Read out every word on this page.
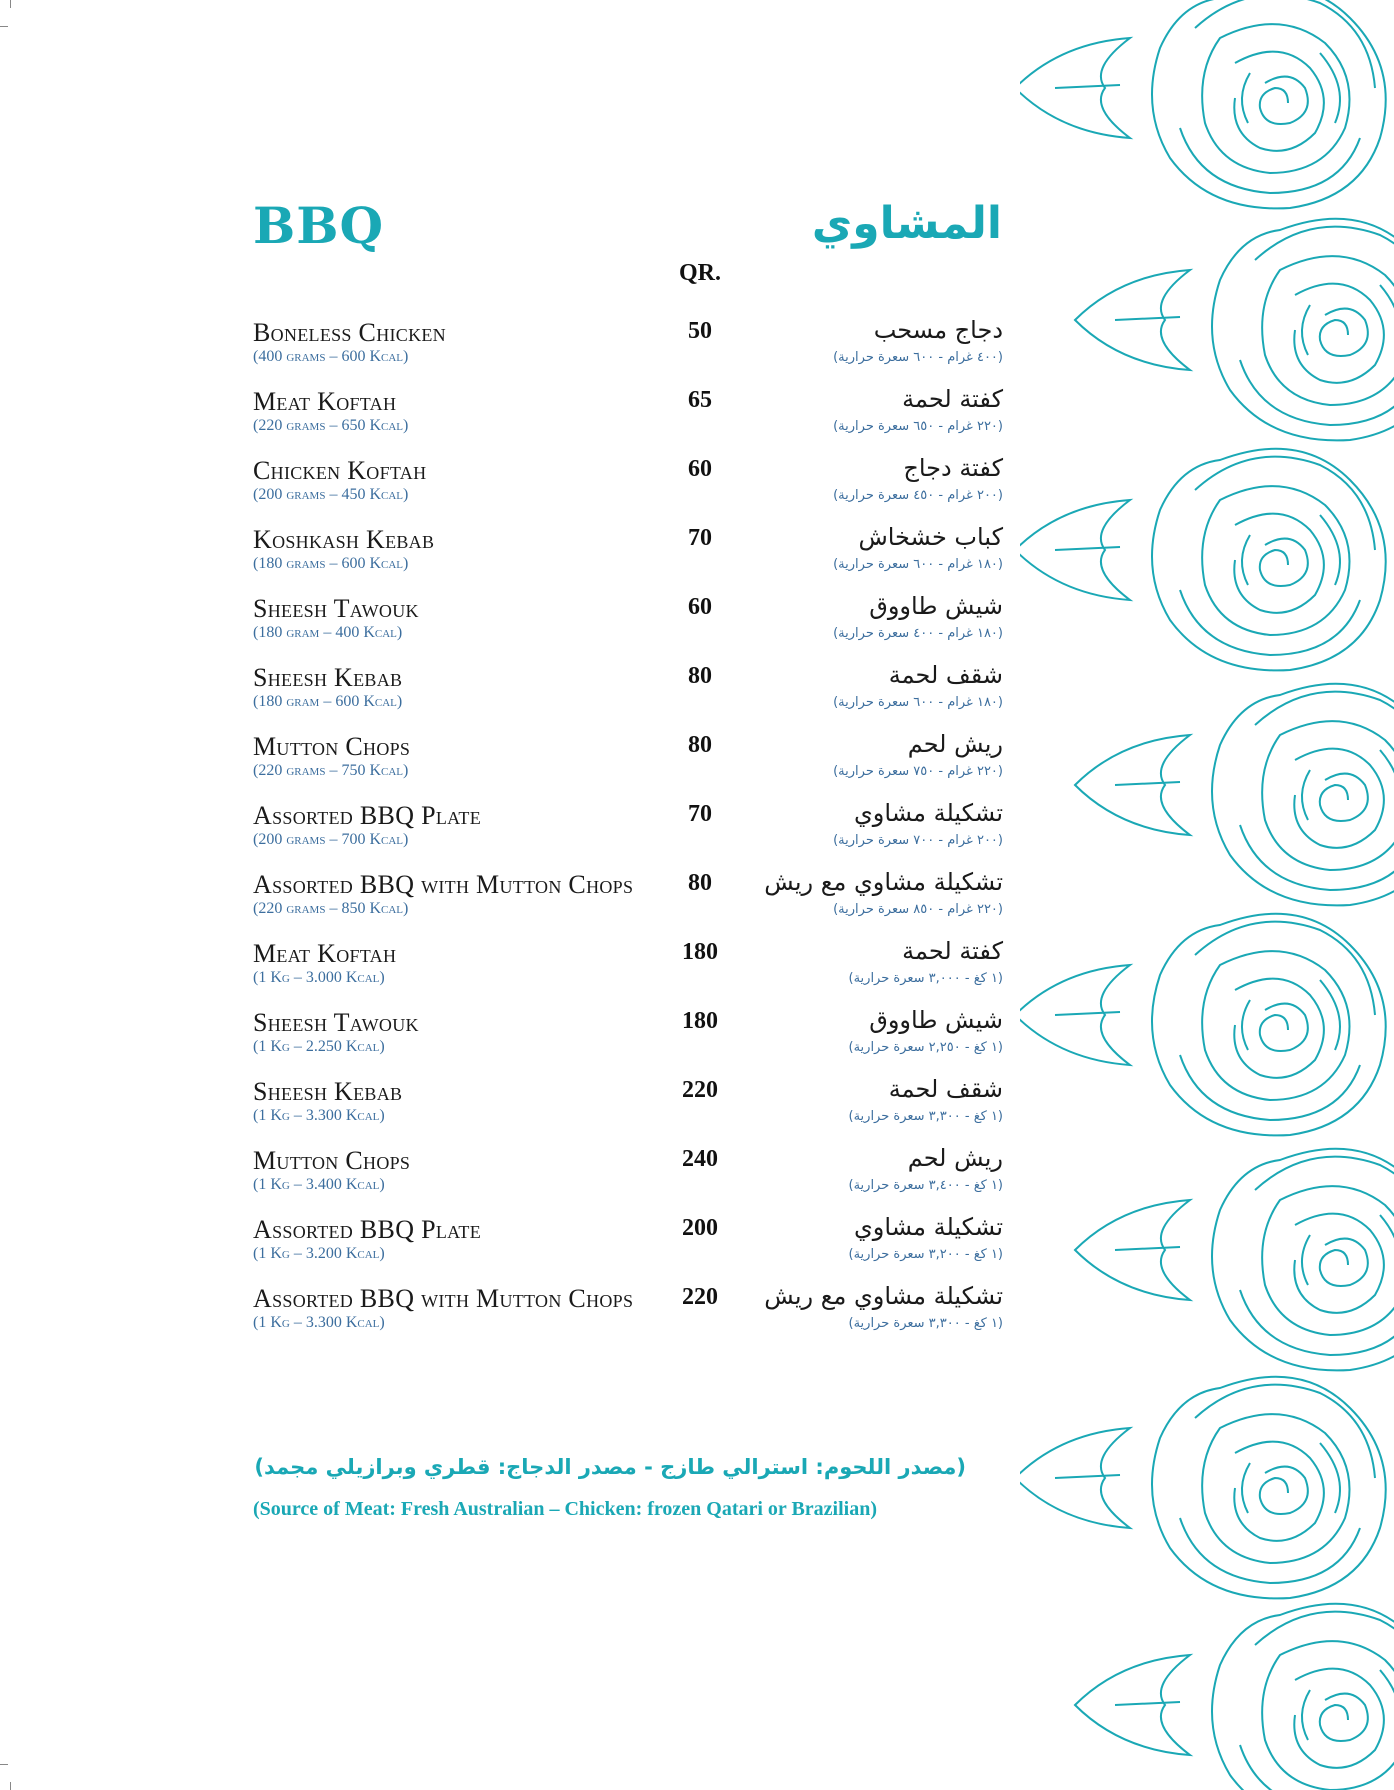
BBQ	المشاوي
QR.
Boneless Chicken
(400 grams – 600 Kcal)
50	دجاج مسحب
(٤٠٠ غرام - ٦٠٠ سعرة حرارية)
Meat Koftah
(220 grams – 650 Kcal)
65	كفتة لحمة
(٢٢٠ غرام - ٦٥٠ سعرة حرارية)
Chicken Koftah
(200 grams – 450 Kcal)
60	كفتة دجاج
(٢٠٠ غرام - ٤٥٠ سعرة حرارية)
Koshkash Kebab
(180 grams – 600 Kcal)
70	كباب خشخاش
(١٨٠ غرام - ٦٠٠ سعرة حرارية)
Sheesh Tawouk
(180 gram – 400 Kcal)
60	شيش طاووق
(١٨٠ غرام - ٤٠٠ سعرة حرارية)
Sheesh Kebab
(180 gram – 600 Kcal)
80	شقف لحمة
(١٨٠ غرام - ٦٠٠ سعرة حرارية)
Mutton Chops
(220 grams – 750 Kcal)
80	ريش لحم
(٢٢٠ غرام - ٧٥٠ سعرة حرارية)
Assorted BBQ Plate
(200 grams – 700 Kcal)
70	تشكيلة مشاوي
(٢٠٠ غرام - ٧٠٠ سعرة حرارية)
Assorted BBQ with Mutton Chops
(220 grams – 850 Kcal)
80	تشكيلة مشاوي مع ريش
(٢٢٠ غرام - ٨٥٠ سعرة حرارية)
Meat Koftah
(1 Kg – 3.000 Kcal)
180	كفتة لحمة
(١ كغ - ٣,٠٠٠ سعرة حرارية)
Sheesh Tawouk
(1 Kg – 2.250 Kcal)
180	شيش طاووق
(١ كغ - ٢,٢٥٠ سعرة حرارية)
Sheesh Kebab
(1 Kg – 3.300 Kcal)
220	شقف لحمة
(١ كغ - ٣,٣٠٠ سعرة حرارية)
Mutton Chops
(1 Kg – 3.400 Kcal)
240	ريش لحم
(١ كغ - ٣,٤٠٠ سعرة حرارية)
Assorted BBQ Plate
(1 Kg – 3.200 Kcal)
200	تشكيلة مشاوي
(١ كغ - ٣,٢٠٠ سعرة حرارية)
Assorted BBQ with Mutton Chops
(1 Kg – 3.300 Kcal)
220	تشكيلة مشاوي مع ريش
(١ كغ - ٣,٣٠٠ سعرة حرارية)
(مصدر اللحوم: استرالي طازج - مصدر الدجاج: قطري وبرازيلي مجمد)
(Source of Meat: Fresh Australian – Chicken: frozen Qatari or Brazilian)
